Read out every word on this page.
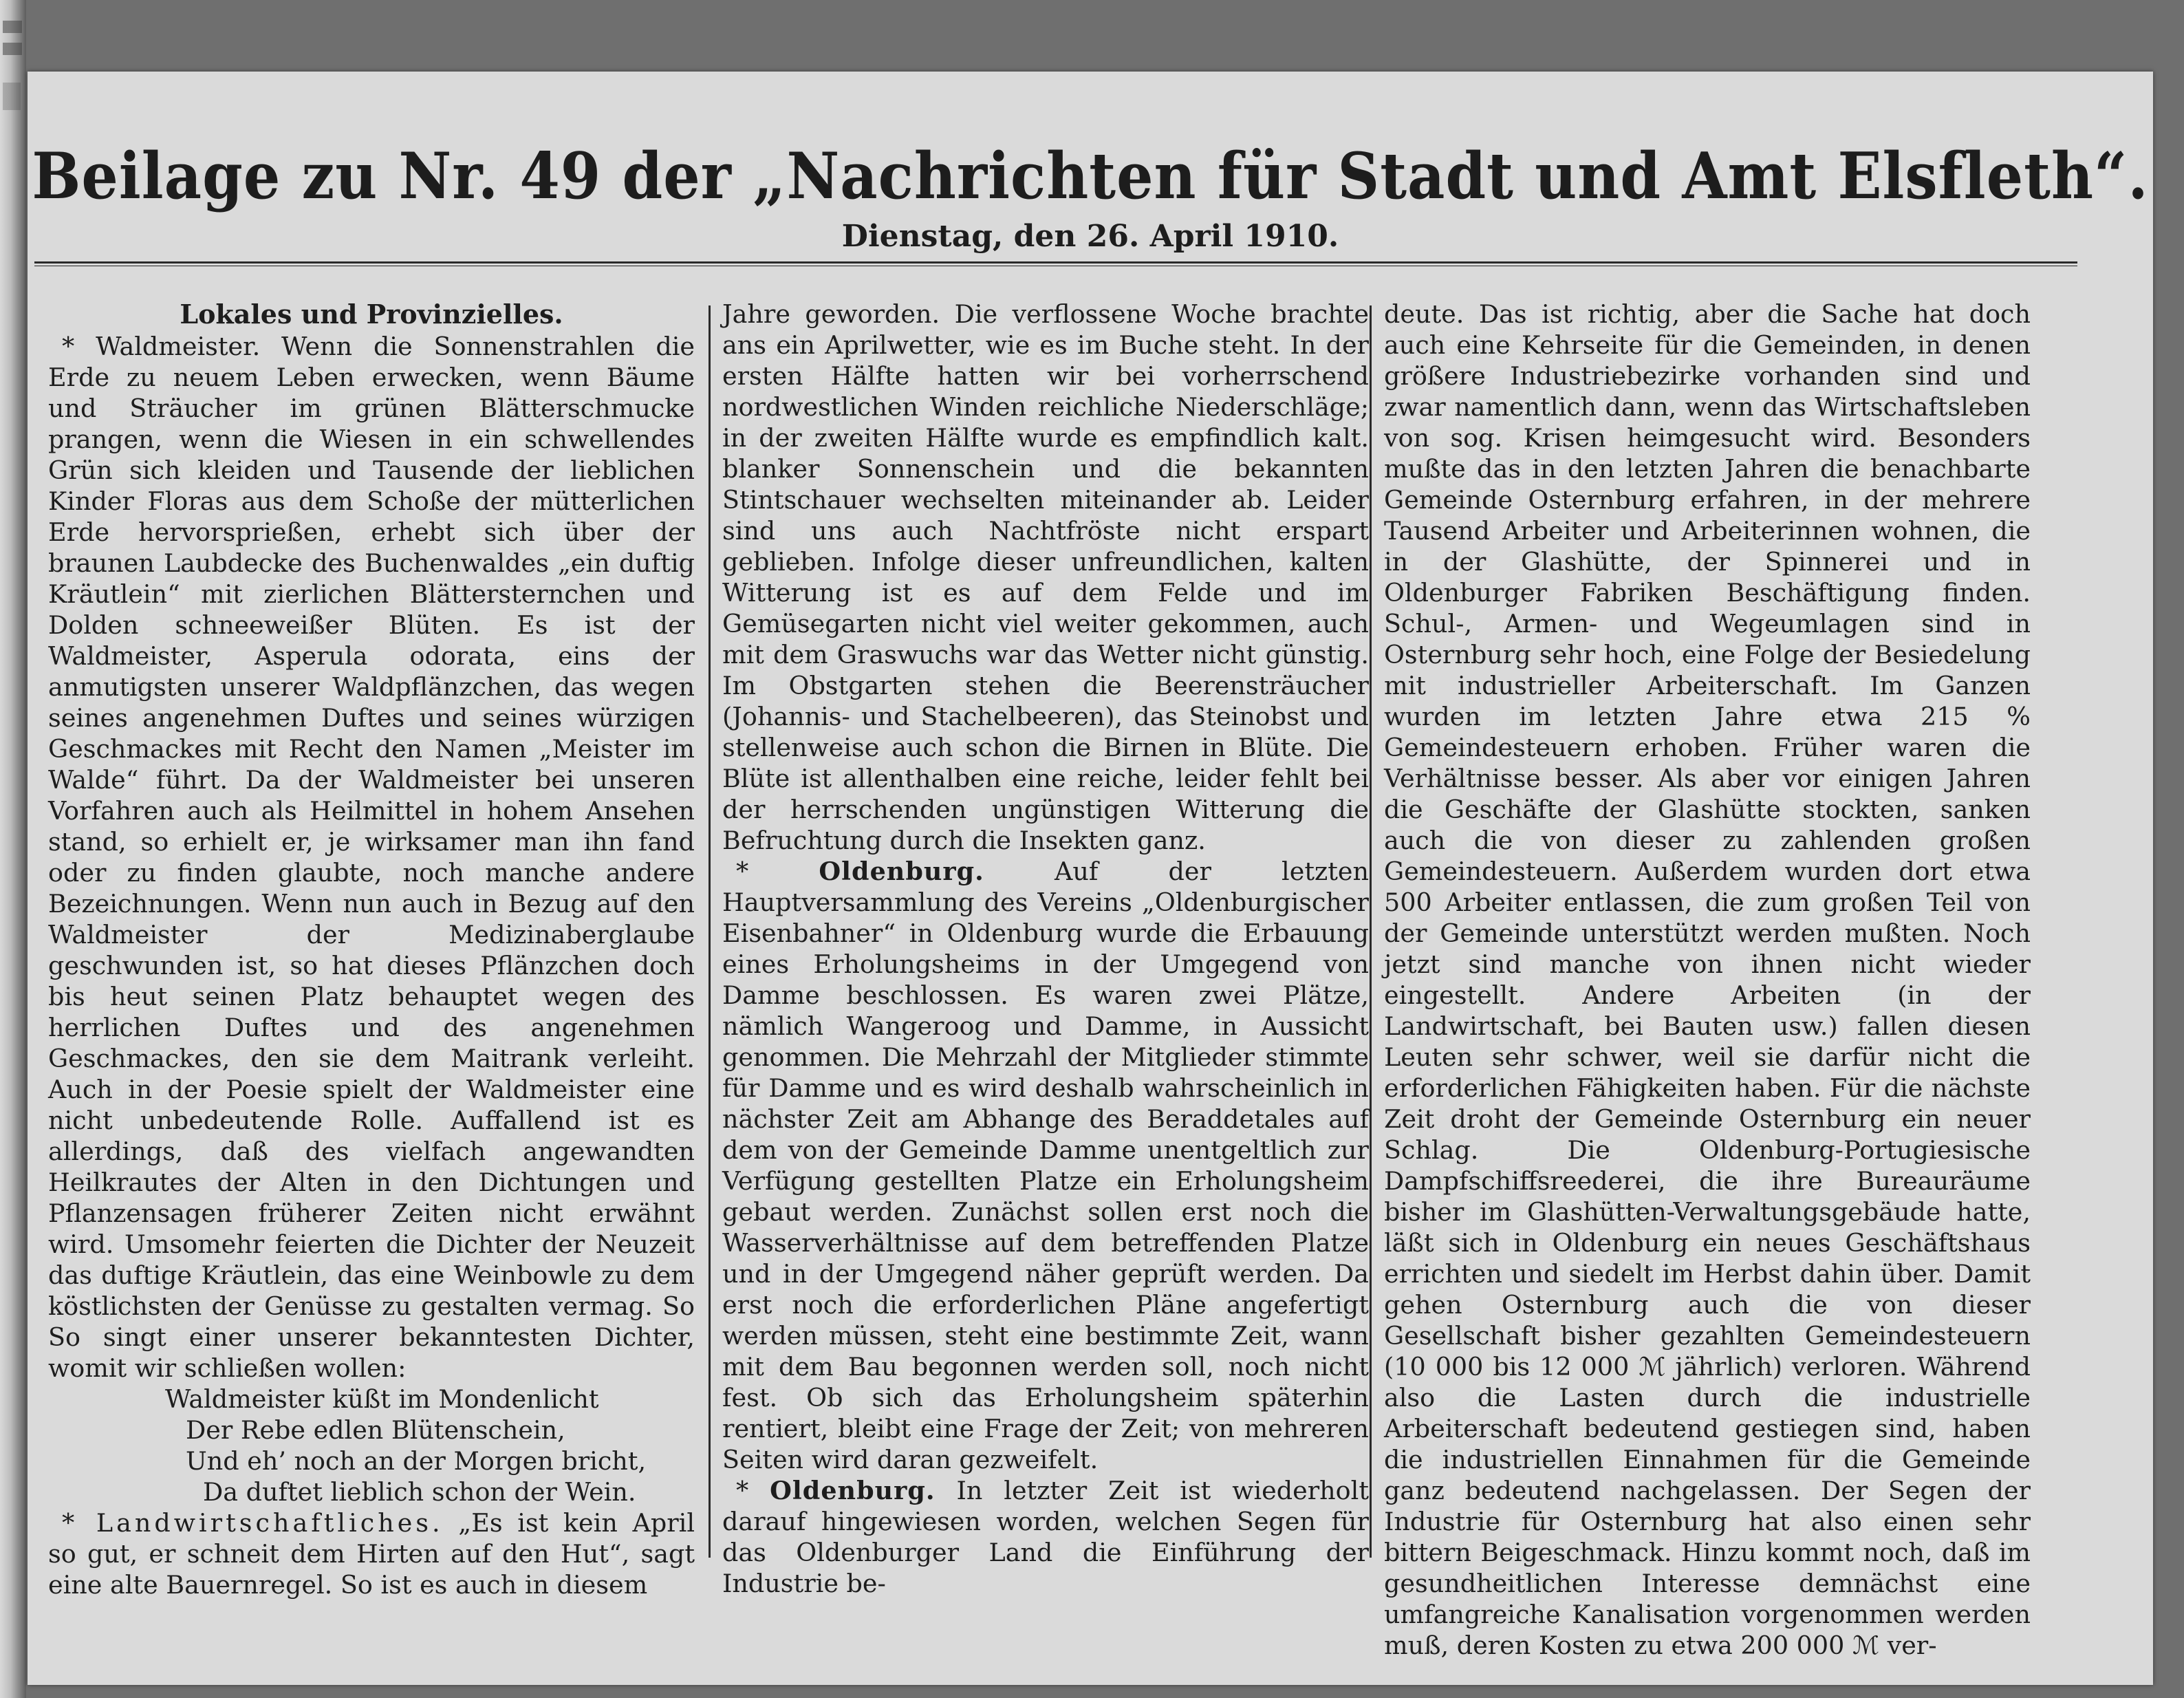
Beilage zu Nr. 49 der „Nachrichten für Stadt und Amt Elsfleth“.
Dienstag, den 26. April 1910.
Lokales und Provinzielles.

* Waldmeister. Wenn die Sonnenstrahlen die Erde zu neuem Leben erwecken, wenn Bäume und Sträucher im grünen Blätterschmucke prangen, wenn die Wiesen in ein schwellendes Grün sich kleiden und Tausende der lieblichen Kinder Floras aus dem Schoße der mütterlichen Erde hervorsprießen, erhebt sich über der braunen Laubdecke des Buchenwaldes „ein duftig Kräutlein“ mit zierlichen Blättersternchen und Dolden schneeweißer Blüten. Es ist der Waldmeister, Asperula odorata, eins der anmutigsten unserer Waldpflänzchen, das wegen seines angenehmen Duftes und seines würzigen Geschmackes mit Recht den Namen „Meister im Walde“ führt. Da der Waldmeister bei unseren Vorfahren auch als Heilmittel in hohem Ansehen stand, so erhielt er, je wirksamer man ihn fand oder zu finden glaubte, noch manche andere Bezeichnungen. Wenn nun auch in Bezug auf den Waldmeister der Medizinaberglaube geschwunden ist, so hat dieses Pflänzchen doch bis heut seinen Platz behauptet wegen des herrlichen Duftes und des angenehmen Geschmackes, den sie dem Maitrank verleiht. Auch in der Poesie spielt der Waldmeister eine nicht unbedeutende Rolle. Auffallend ist es allerdings, daß des vielfach angewandten Heilkrautes der Alten in den Dichtungen und Pflanzensagen früherer Zeiten nicht erwähnt wird. Umsomehr feierten die Dichter der Neuzeit das duftige Kräutlein, das eine Weinbowle zu dem köstlichsten der Genüsse zu gestalten vermag. So So singt einer unserer bekanntesten Dichter, womit wir schließen wollen:

Waldmeister küßt im Mondenlicht
Der Rebe edlen Blütenschein,
Und eh’ noch an der Morgen bricht,
Da duftet lieblich schon der Wein.

* Landwirtschaftliches. „Es ist kein April so gut, er schneit dem Hirten auf den Hut“, sagt eine alte Bauernregel. So ist es auch in diesem

Jahre geworden. Die verflossene Woche brachte ans ein Aprilwetter, wie es im Buche steht. In der ersten Hälfte hatten wir bei vorherrschend nordwestlichen Winden reichliche Niederschläge; in der zweiten Hälfte wurde es empfindlich kalt. blanker Sonnenschein und die bekannten Stintschauer wechselten miteinander ab. Leider sind uns auch Nachtfröste nicht erspart geblieben. Infolge dieser unfreundlichen, kalten Witterung ist es auf dem Felde und im Gemüsegarten nicht viel weiter gekommen, auch mit dem Graswuchs war das Wetter nicht günstig. Im Obstgarten stehen die Beerensträucher (Johannis- und Stachelbeeren), das Steinobst und stellenweise auch schon die Birnen in Blüte. Die Blüte ist allenthalben eine reiche, leider fehlt bei der herrschenden ungünstigen Witterung die Befruchtung durch die Insekten ganz.

* Oldenburg.	Auf der letzten Hauptversammlung des Vereins „Oldenburgischer Eisenbahner“ in Oldenburg wurde die Erbauung eines Erholungsheims in der Umgegend von Damme beschlossen. Es waren zwei Plätze, nämlich Wangeroog und Damme, in Aussicht genommen. Die Mehrzahl der Mitglieder stimmte für Damme und es wird deshalb wahrscheinlich in nächster Zeit am Abhange des Beraddetales auf dem von der Gemeinde Damme unentgeltlich zur Verfügung gestellten Platze ein Erholungsheim gebaut werden. Zunächst sollen erst noch die Wasserverhältnisse auf dem betreffenden Platze und in der Umgegend näher geprüft werden. Da erst noch die erforderlichen Pläne angefertigt werden müssen, steht eine bestimmte Zeit, wann mit dem Bau begonnen werden soll, noch nicht fest. Ob sich das Erholungsheim späterhin rentiert, bleibt eine Frage der Zeit; von mehreren Seiten wird daran gezweifelt.

* Oldenburg. In letzter Zeit ist wiederholt darauf hingewiesen worden, welchen Segen für das Oldenburger Land die Einführung der Industrie be-

deute. Das ist richtig, aber die Sache hat doch auch eine Kehrseite für die Gemeinden, in denen größere Industriebezirke vorhanden sind und zwar namentlich dann, wenn das Wirtschaftsleben von sog. Krisen heimgesucht wird. Besonders mußte das in den letzten Jahren die benachbarte Gemeinde Osternburg erfahren, in der mehrere Tausend Arbeiter und Arbeiterinnen wohnen, die in der Glashütte, der Spinnerei und in Oldenburger Fabriken Beschäftigung finden. Schul-, Armen- und Wegeumlagen sind in Osternburg sehr hoch, eine Folge der Besiedelung mit industrieller Arbeiterschaft. Im Ganzen wurden im letzten Jahre etwa 215 % Gemeindesteuern erhoben. Früher waren die Verhältnisse besser. Als aber vor einigen Jahren die Geschäfte der Glashütte stockten, sanken auch die von dieser zu zahlenden großen Gemeindesteuern. Außerdem wurden dort etwa 500 Arbeiter entlassen, die zum großen Teil von der Gemeinde unterstützt werden mußten. Noch jetzt sind manche von ihnen nicht wieder eingestellt. Andere Arbeiten (in der Landwirtschaft, bei Bauten usw.) fallen diesen Leuten sehr schwer, weil sie darfür nicht die erforderlichen Fähigkeiten haben. Für die nächste Zeit droht der Gemeinde Osternburg ein neuer Schlag. Die Oldenburg-Portugiesische Dampfschiffsreederei, die ihre Bureauräume bisher im Glashütten-Verwaltungsgebäude hatte, läßt sich in Oldenburg ein neues Geschäftshaus errichten und siedelt im Herbst dahin über. Damit gehen Osternburg auch die von dieser Gesellschaft bisher gezahlten Gemeindesteuern (10 000 bis 12 000 ℳ jährlich) verloren. Während also die Lasten durch die industrielle Arbeiterschaft bedeutend gestiegen sind, haben die industriellen Einnahmen für die Gemeinde ganz bedeutend nachgelassen. Der Segen der Industrie für Osternburg hat also einen sehr bittern Beigeschmack. Hinzu kommt noch, daß im gesundheitlichen Interesse demnächst eine umfangreiche Kanalisation vorgenommen werden muß, deren Kosten zu etwa 200 000 ℳ ver-
